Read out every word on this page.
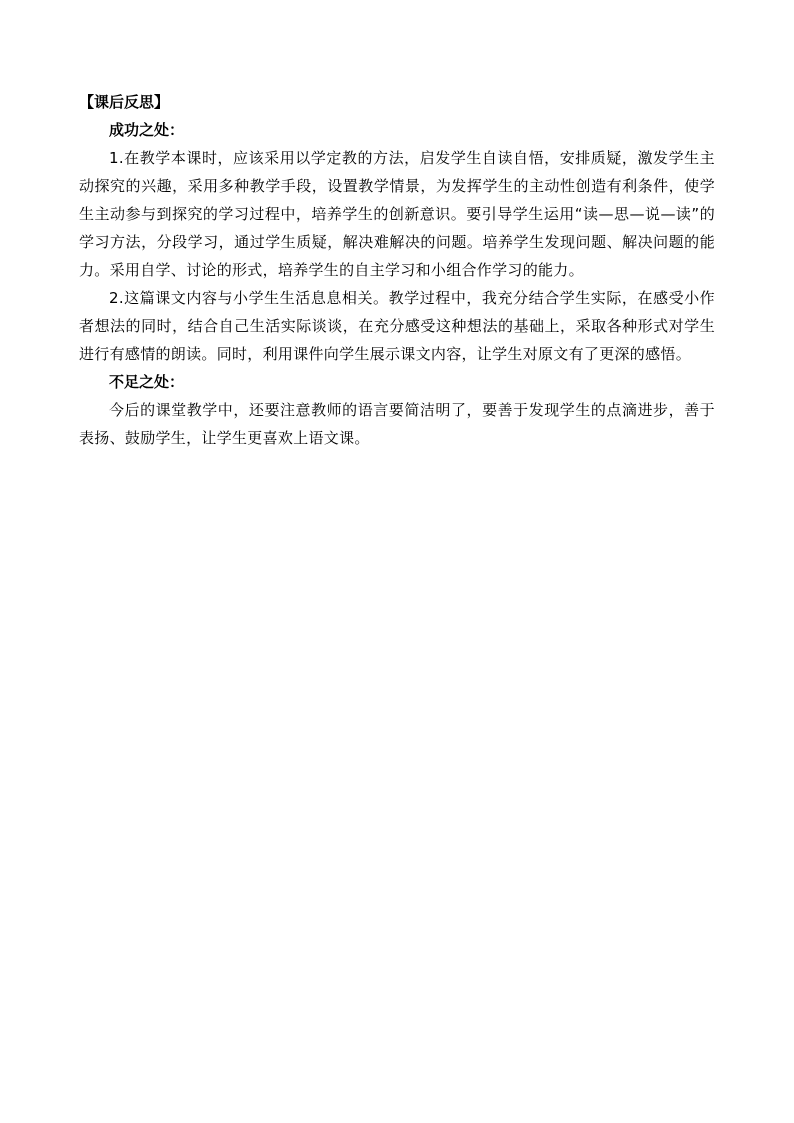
【课后反思】

成功之处：

1.在教学本课时，应该采用以学定教的方法，启发学生自读自悟，安排质疑，激发学生主动探究的兴趣，采用多种教学手段，设置教学情景，为发挥学生的主动性创造有利条件，使学生主动参与到探究的学习过程中，培养学生的创新意识。要引导学生运用“读—思—说—读”的学习方法，分段学习，通过学生质疑，解决难解决的问题。培养学生发现问题、解决问题的能力。采用自学、讨论的形式，培养学生的自主学习和小组合作学习的能力。

2.这篇课文内容与小学生生活息息相关。教学过程中，我充分结合学生实际，在感受小作者想法的同时，结合自己生活实际谈谈，在充分感受这种想法的基础上，采取各种形式对学生进行有感情的朗读。同时，利用课件向学生展示课文内容，让学生对原文有了更深的感悟。

不足之处：

今后的课堂教学中，还要注意教师的语言要简洁明了，要善于发现学生的点滴进步，善于表扬、鼓励学生，让学生更喜欢上语文课。
